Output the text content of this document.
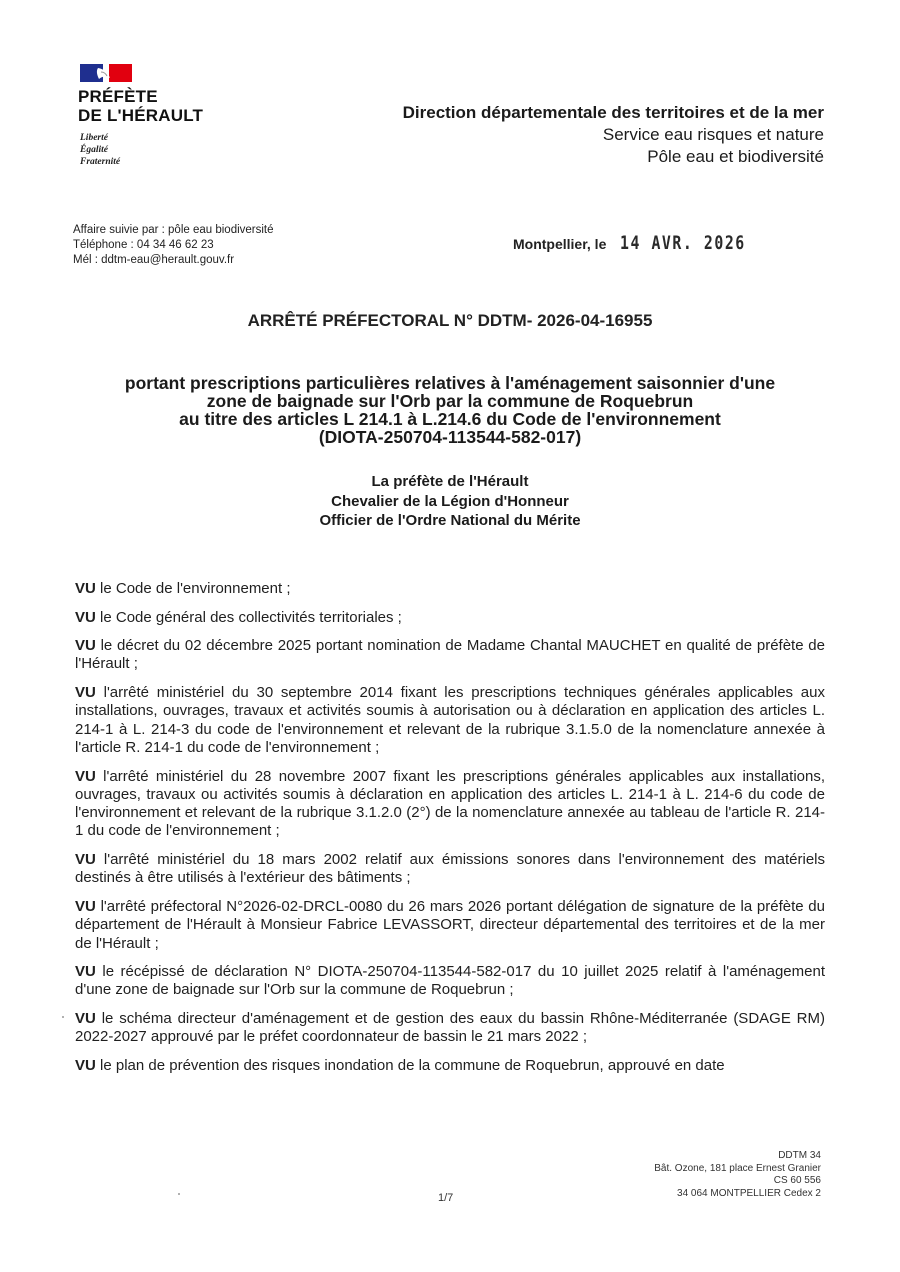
PRÉFÈTE
DE L'HÉRAULT
Liberté
Égalité
Fraternité
Direction départementale des territoires et de la mer
Service eau risques et nature
Pôle eau et biodiversité
Affaire suivie par : pôle eau biodiversité
Téléphone : 04 34 46 62 23
Mél : ddtm-eau@herault.gouv.fr
Montpellier, le 14 AVR. 2026
ARRÊTÉ PRÉFECTORAL N° DDTM- 2026-04-16955
portant prescriptions particulières relatives à l'aménagement saisonnier d'une
zone de baignade sur l'Orb par la commune de Roquebrun
au titre des articles L 214.1 à L.214.6 du Code de l'environnement
(DIOTA-250704-113544-582-017)
La préfète de l'Hérault
Chevalier de la Légion d'Honneur
Officier de l'Ordre National du Mérite

VU le Code de l'environnement ;

VU le Code général des collectivités territoriales ;

VU le décret du 02 décembre 2025 portant nomination de Madame Chantal MAUCHET en qualité de préfète de l'Hérault ;

VU l'arrêté ministériel du 30 septembre 2014 fixant les prescriptions techniques générales applicables aux installations, ouvrages, travaux et activités soumis à autorisation ou à déclaration en application des articles L. 214-1 à L. 214-3 du code de l'environnement et relevant de la rubrique 3.1.5.0 de la nomenclature annexée à l'article R. 214-1 du code de l'environnement ;

VU l'arrêté ministériel du 28 novembre 2007 fixant les prescriptions générales applicables aux installations, ouvrages, travaux ou activités soumis à déclaration en application des articles L. 214-1 à L. 214-6 du code de l'environnement et relevant de la rubrique 3.1.2.0 (2°) de la nomenclature annexée au tableau de l'article R. 214-1 du code de l'environnement ;

VU l'arrêté ministériel du 18 mars 2002 relatif aux émissions sonores dans l'environnement des matériels destinés à être utilisés à l'extérieur des bâtiments ;

VU l'arrêté préfectoral N°2026-02-DRCL-0080 du 26 mars 2026 portant délégation de signature de la préfète du département de l'Hérault à Monsieur Fabrice LEVASSORT, directeur départemental des territoires et de la mer de l'Hérault ;

VU le récépissé de déclaration N° DIOTA-250704-113544-582-017 du 10 juillet 2025 relatif à l'aménagement d'une zone de baignade sur l'Orb sur la commune de Roquebrun ;

VU le schéma directeur d'aménagement et de gestion des eaux du bassin Rhône-Méditerranée (SDAGE RM) 2022-2027 approuvé par le préfet coordonnateur de bassin le 21 mars 2022 ;

VU le plan de prévention des risques inondation de la commune de Roquebrun, approuvé en date

DDTM 34
Bât. Ozone, 181 place Ernest Granier
CS 60 556
34 064 MONTPELLIER Cedex 2
1/7
